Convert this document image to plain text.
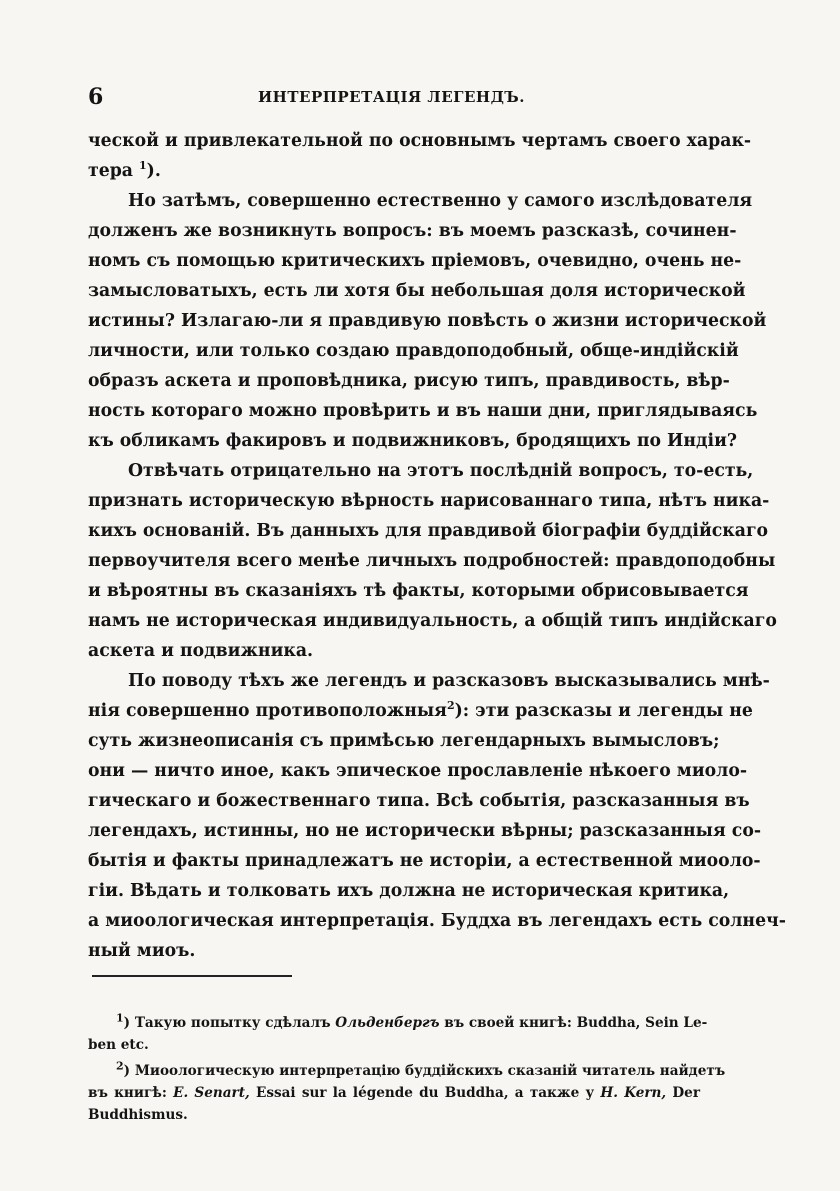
6	ИНТЕРПРЕТАЦІЯ ЛЕГЕНДЪ.

ческой и привлекательной по основнымъ чертамъ своего харак-
тера $^1$).

Но затѣмъ, совершенно естественно у самого изслѣдователя
долженъ же возникнуть вопросъ: въ моемъ разсказѣ, сочинен-
номъ съ помощью критическихъ пріемовъ, очевидно, очень не-
замысловатыхъ, есть ли хотя бы небольшая доля исторической
истины? Излагаю-ли я правдивую повѣсть о жизни исторической
личности, или только создаю правдоподобный, обще-индійскій
образъ аскета и проповѣдника, рисую типъ, правдивость, вѣр-
ность котораго можно провѣрить и въ наши дни, приглядываясь
къ обликамъ факировъ и подвижниковъ, бродящихъ по Индіи?

Отвѣчать отрицательно на этотъ послѣдній вопросъ, то-есть,
признать историческую вѣрность нарисованнаго типа, нѣтъ ника-
кихъ основаній. Въ данныхъ для правдивой біографіи буддійскаго
первоучителя всего менѣе личныхъ подробностей: правдоподобны
и вѣроятны въ сказаніяхъ тѣ факты, которыми обрисовывается
намъ не историческая индивидуальность, а общій типъ индійскаго
аскета и подвижника.

По поводу тѣхъ же легендъ и разсказовъ высказывались мнѣ-
нія совершенно противоположныя$^2$): эти разсказы и легенды не
суть жизнеописанія съ примѣсью легендарныхъ вымысловъ;
они — ничто иное, какъ эпическое прославленіе нѣкоего миоло-
гическаго и божественнаго типа. Всѣ событія, разсказанныя въ
легендахъ, истинны, но не исторически вѣрны; разсказанныя со-
бытія и факты принадлежатъ не исторіи, а естественной миоолo-
гіи. Вѣдать и толковать ихъ должна не историческая критика,
а миоологическая интерпретація. Буддха въ легендахъ есть солнеч-
ный миоъ.

$^1$) Такую попытку сдѣлалъ Ольденбергъ въ своей книгѣ: Buddha, Sein Le-
ben etc.

$^2$) Миоологическую интерпретацію буддійскихъ сказаній читатель найдетъ
въ книгѣ: E. Senart, Essai sur la légende du Buddha, а также у H. Kern, Der
Buddhismus.
